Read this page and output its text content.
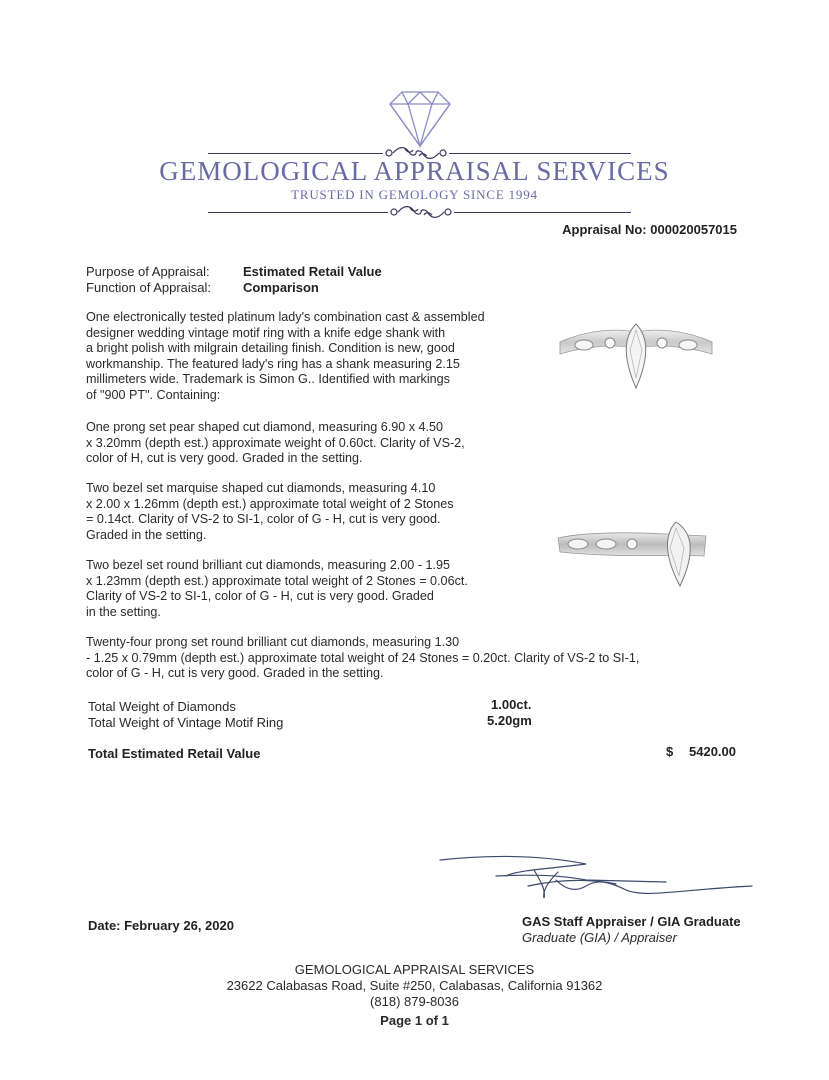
GEMOLOGICAL APPRAISAL SERVICES
TRUSTED IN GEMOLOGY SINCE 1994
Appraisal No: 000020057015
Purpose of Appraisal:	Estimated Retail Value
Function of Appraisal: Comparison
One electronically tested platinum lady's combination cast & assembled
designer wedding vintage motif ring with a knife edge shank with
a bright polish with milgrain detailing finish. Condition is new, good
workmanship. The featured lady's ring has a shank measuring 2.15
millimeters wide. Trademark is Simon G.. Identified with markings
of "900 PT". Containing:
One prong set pear shaped cut diamond, measuring 6.90 x 4.50
x 3.20mm (depth est.) approximate weight of 0.60ct. Clarity of VS-2,
color of H, cut is very good. Graded in the setting.
Two bezel set marquise shaped cut diamonds, measuring 4.10
x 2.00 x 1.26mm (depth est.) approximate total weight of 2 Stones
= 0.14ct. Clarity of VS-2 to SI-1, color of G - H, cut is very good.
Graded in the setting.
Two bezel set round brilliant cut diamonds, measuring 2.00 - 1.95
x 1.23mm (depth est.) approximate total weight of 2 Stones = 0.06ct.
Clarity of VS-2 to SI-1, color of G - H, cut is very good. Graded
in the setting.
Twenty-four prong set round brilliant cut diamonds, measuring 1.30
- 1.25 x 0.79mm (depth est.) approximate total weight of 24 Stones = 0.20ct. Clarity of VS-2 to SI-1,
color of G - H, cut is very good. Graded in the setting.
Total Weight of Diamonds	1.00ct.
Total Weight of Vintage Motif Ring	5.20gm
Total Estimated Retail Value	$ 5420.00
Date: February 26, 2020	GAS Staff Appraiser / GIA Graduate
Graduate (GIA) / Appraiser
GEMOLOGICAL APPRAISAL SERVICES
23622 Calabasas Road, Suite #250, Calabasas, California 91362
(818) 879-8036
Page 1 of 1
